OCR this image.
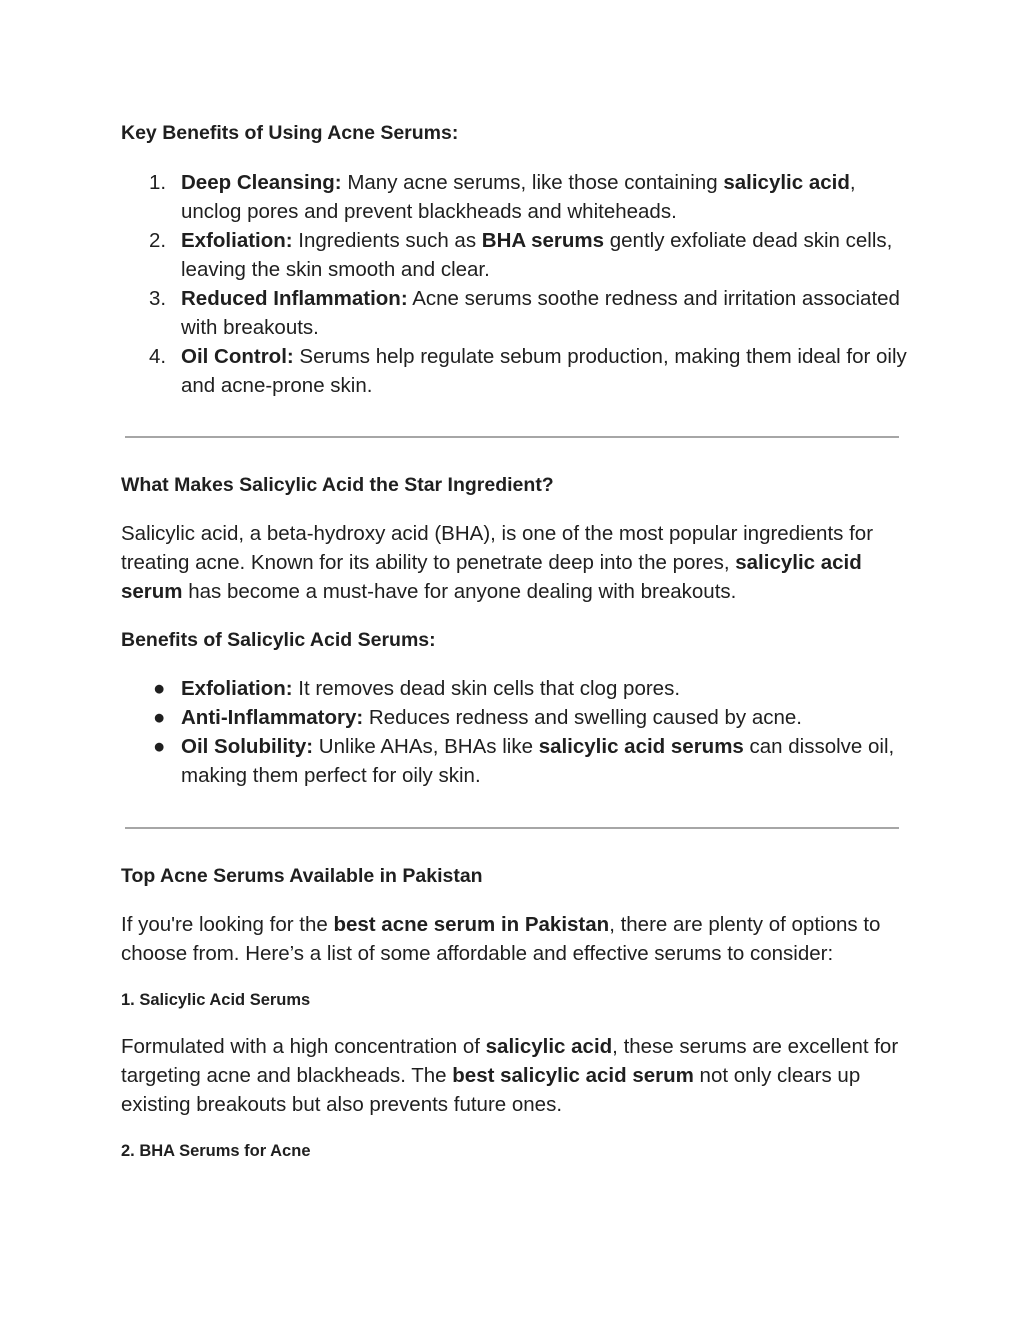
Key Benefits of Using Acne Serums:
1. Deep Cleansing: Many acne serums, like those containing salicylic acid, unclog pores and prevent blackheads and whiteheads.
2. Exfoliation: Ingredients such as BHA serums gently exfoliate dead skin cells, leaving the skin smooth and clear.
3. Reduced Inflammation: Acne serums soothe redness and irritation associated with breakouts.
4. Oil Control: Serums help regulate sebum production, making them ideal for oily and acne-prone skin.
What Makes Salicylic Acid the Star Ingredient?
Salicylic acid, a beta-hydroxy acid (BHA), is one of the most popular ingredients for treating acne. Known for its ability to penetrate deep into the pores, salicylic acid serum has become a must-have for anyone dealing with breakouts.
Benefits of Salicylic Acid Serums:
● Exfoliation: It removes dead skin cells that clog pores.
● Anti-Inflammatory: Reduces redness and swelling caused by acne.
● Oil Solubility: Unlike AHAs, BHAs like salicylic acid serums can dissolve oil, making them perfect for oily skin.
Top Acne Serums Available in Pakistan
If you're looking for the best acne serum in Pakistan, there are plenty of options to choose from. Here’s a list of some affordable and effective serums to consider:
1. Salicylic Acid Serums
Formulated with a high concentration of salicylic acid, these serums are excellent for targeting acne and blackheads. The best salicylic acid serum not only clears up existing breakouts but also prevents future ones.
2. BHA Serums for Acne
